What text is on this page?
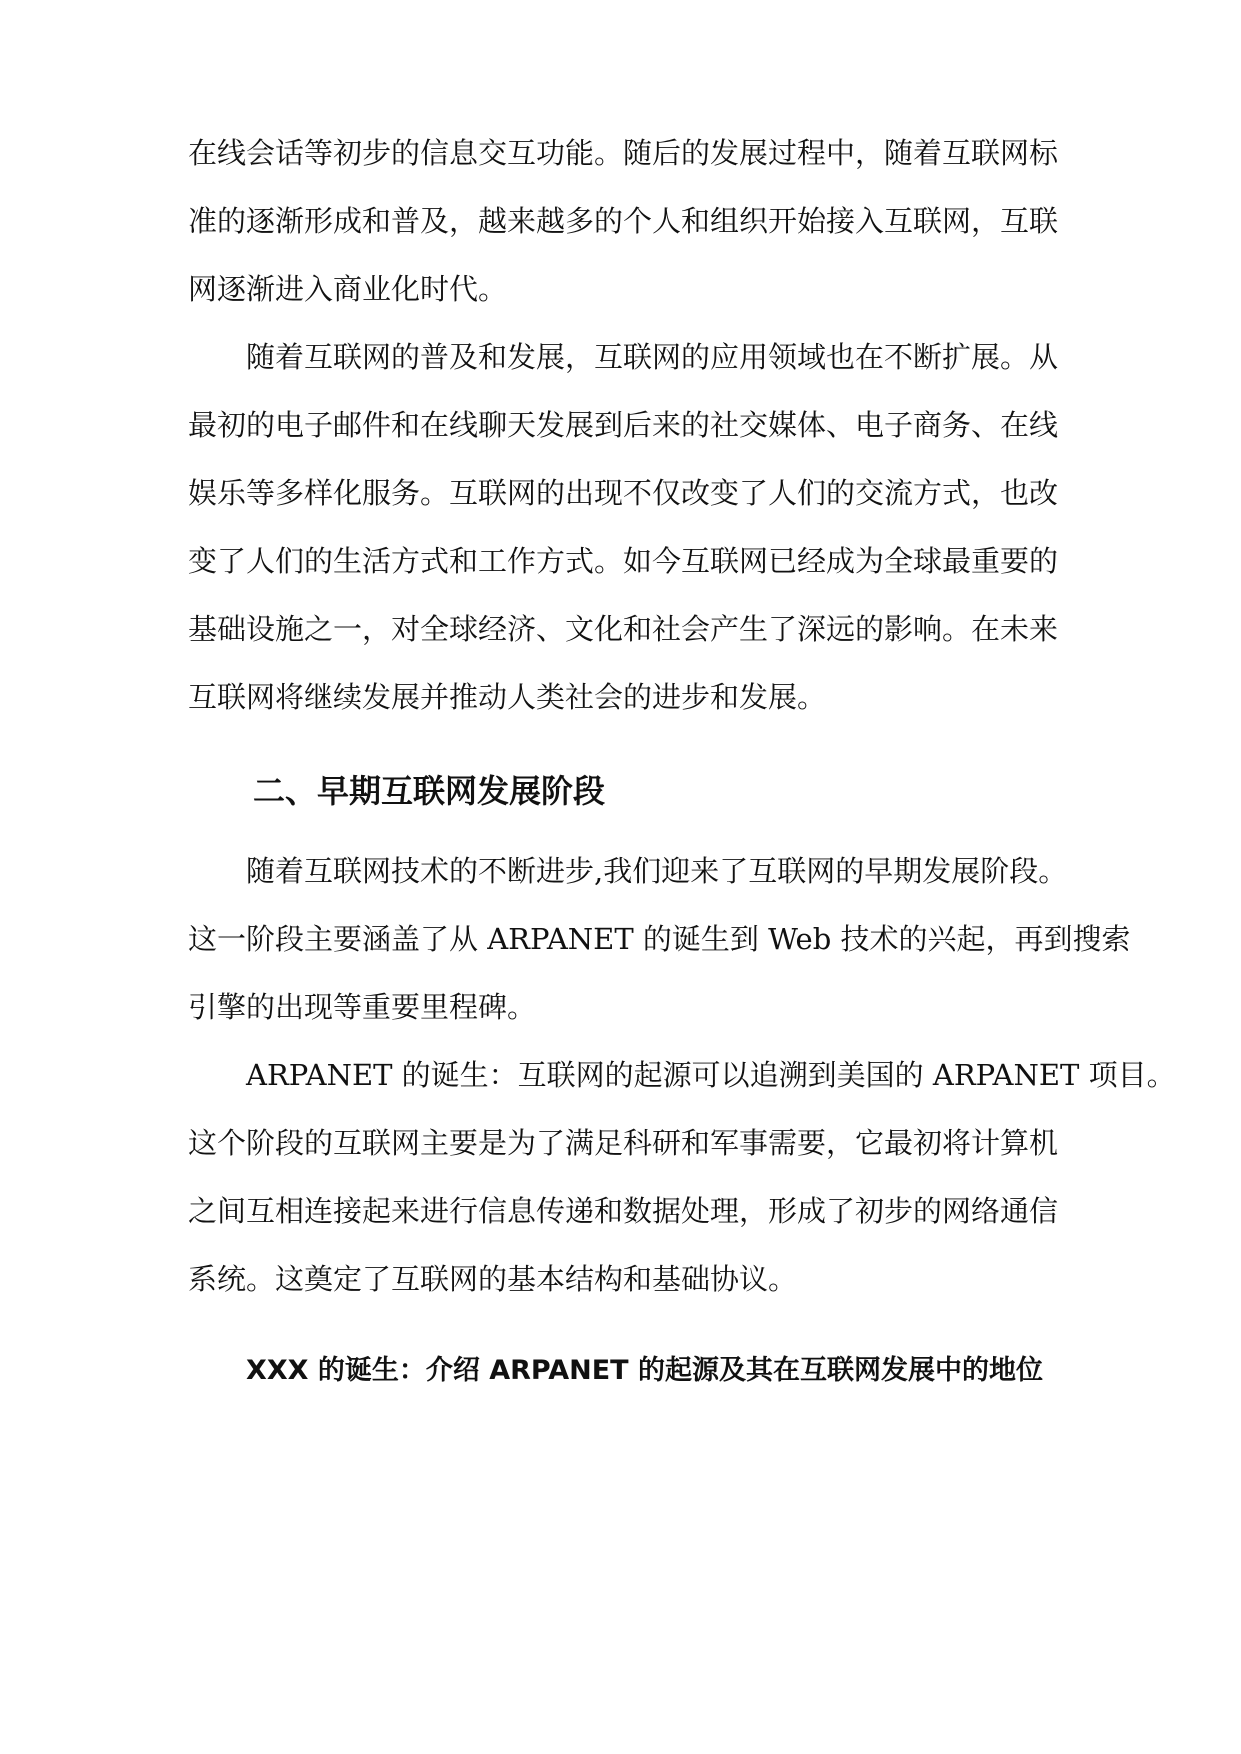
在线会话等初步的信息交互功能。随后的发展过程中，随着互联网标
准的逐渐形成和普及，越来越多的个人和组织开始接入互联网，互联
网逐渐进入商业化时代。
随着互联网的普及和发展，互联网的应用领域也在不断扩展。从
最初的电子邮件和在线聊天发展到后来的社交媒体、电子商务、在线
娱乐等多样化服务。互联网的出现不仅改变了人们的交流方式，也改
变了人们的生活方式和工作方式。如今互联网已经成为全球最重要的
基础设施之一，对全球经济、文化和社会产生了深远的影响。在未来
互联网将继续发展并推动人类社会的进步和发展。
二、早期互联网发展阶段
随着互联网技术的不断进步,我们迎来了互联网的早期发展阶段。
这一阶段主要涵盖了从 ARPANET 的诞生到 Web 技术的兴起，再到搜索
引擎的出现等重要里程碑。
ARPANET 的诞生：互联网的起源可以追溯到美国的 ARPANET 项目。
这个阶段的互联网主要是为了满足科研和军事需要，它最初将计算机
之间互相连接起来进行信息传递和数据处理，形成了初步的网络通信
系统。这奠定了互联网的基本结构和基础协议。
XXX 的诞生：介绍 ARPANET 的起源及其在互联网发展中的地位
